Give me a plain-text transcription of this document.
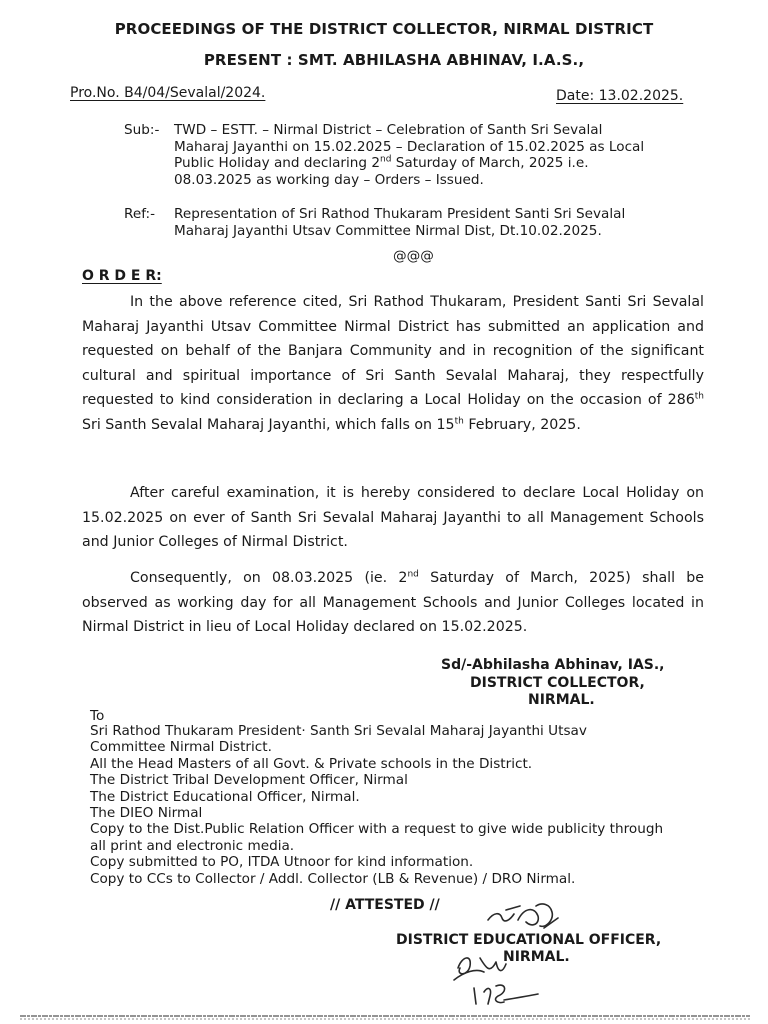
PROCEEDINGS OF THE DISTRICT COLLECTOR, NIRMAL DISTRICT
PRESENT : SMT. ABHILASHA ABHINAV, I.A.S.,
Pro.No. B4/04/Sevalal/2024.	Date: 13.02.2025.
Sub:- TWD – ESTT. – Nirmal District – Celebration of Santh Sri Sevalal
Maharaj Jayanthi on 15.02.2025 – Declaration of 15.02.2025 as Local
Public Holiday and declaring 2nd Saturday of March, 2025 i.e.
08.03.2025 as working day – Orders – Issued.
Ref:- Representation of Sri Rathod Thukaram President Santi Sri Sevalal
Maharaj Jayanthi Utsav Committee Nirmal Dist, Dt.10.02.2025.
@@@
O R D E R:
In the above reference cited, Sri Rathod Thukaram, President Santi Sri Sevalal Maharaj Jayanthi Utsav Committee Nirmal District has submitted an application and requested on behalf of the Banjara Community and in recognition of the significant cultural and spiritual importance of Sri Santh Sevalal Maharaj, they respectfully requested to kind consideration in declaring a Local Holiday on the occasion of 286th Sri Santh Sevalal Maharaj Jayanthi, which falls on 15th February, 2025.
After careful examination, it is hereby considered to declare Local Holiday on 15.02.2025 on ever of Santh Sri Sevalal Maharaj Jayanthi to all Management Schools and Junior Colleges of Nirmal District.
Consequently, on 08.03.2025 (ie. 2nd Saturday of March, 2025) shall be observed as working day for all Management Schools and Junior Colleges located in Nirmal District in lieu of Local Holiday declared on 15.02.2025.
Sd/-Abhilasha Abhinav, IAS.,
DISTRICT COLLECTOR,
NIRMAL.
To
Sri Rathod Thukaram President· Santh Sri Sevalal Maharaj Jayanthi Utsav
Committee Nirmal District.
All the Head Masters of all Govt. & Private schools in the District.
The District Tribal Development Officer, Nirmal
The District Educational Officer, Nirmal.
The DIEO Nirmal
Copy to the Dist.Public Relation Officer with a request to give wide publicity through
all print and electronic media.
Copy submitted to PO, ITDA Utnoor for kind information.
Copy to CCs to Collector / Addl. Collector (LB & Revenue) / DRO Nirmal.
// ATTESTED //
DISTRICT EDUCATIONAL OFFICER,
NIRMAL.
